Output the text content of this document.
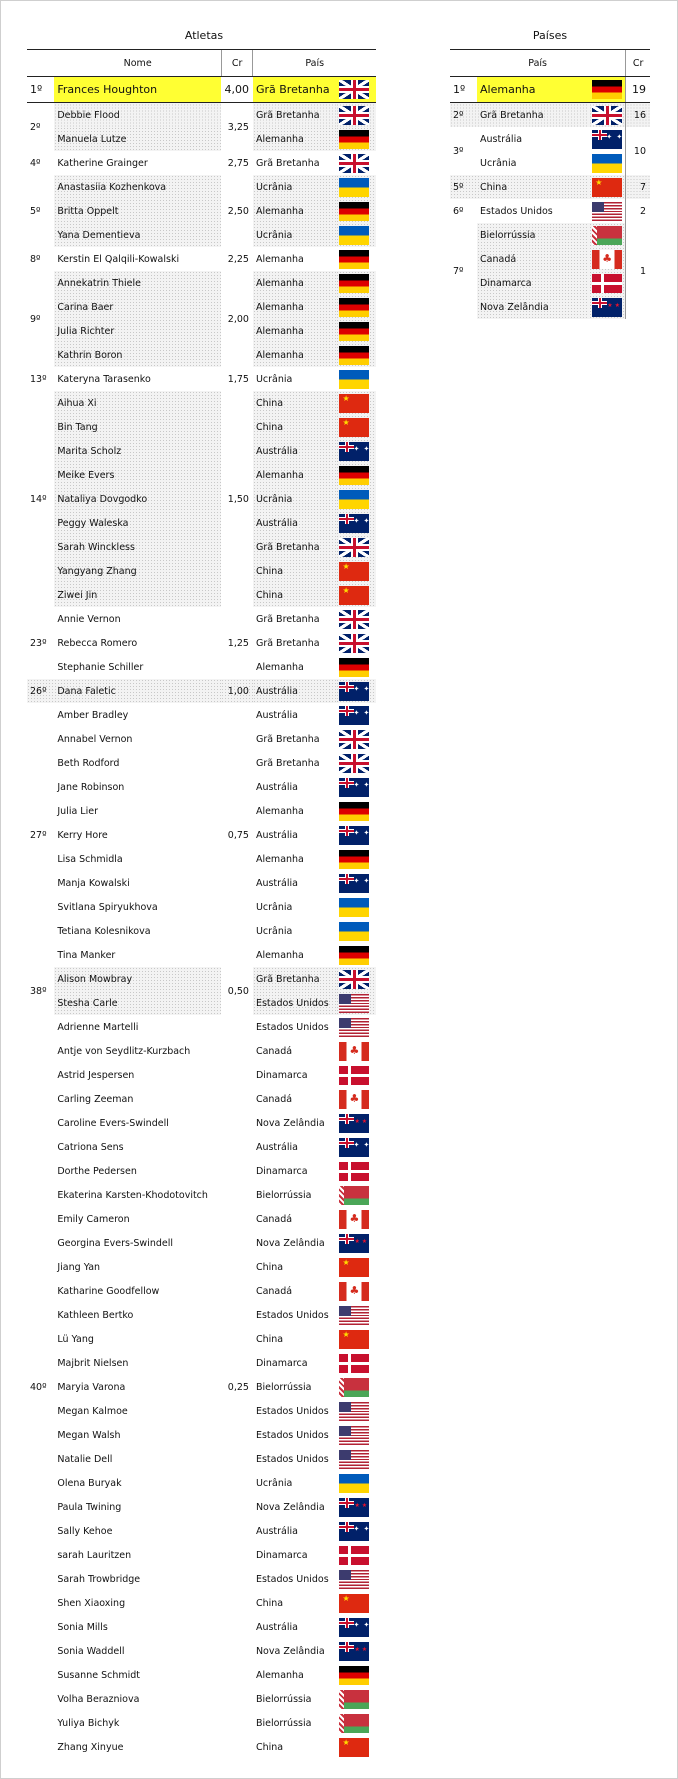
Atletas	Países
	Nome	Cr	País	
1º	Frances Houghton	4,00	Grã Bretanha	
2º	Debbie Flood	3,25	Grã Bretanha	
	Manuela Lutze		Alemanha	
4º	Katherine Grainger	2,75	Grã Bretanha	
5º	Anastasiia Kozhenkova	2,50	Ucrânia	
	Britta Oppelt		Alemanha	
	Yana Dementieva		Ucrânia	
8º	Kerstin El Qalqili-Kowalski	2,25	Alemanha	
9º	Annekatrin Thiele	2,00	Alemanha	
	Carina Baer		Alemanha	
	Julia Richter		Alemanha	
	Kathrin Boron		Alemanha	
13º	Kateryna Tarasenko	1,75	Ucrânia	
14º	Aihua Xi	1,50	China	★
	Bin Tang		China	★
	Marita Scholz		Austrália	✦ ✦
	Meike Evers		Alemanha	
	Nataliya Dovgodko		Ucrânia	
	Peggy Waleska		Austrália	✦ ✦
	Sarah Winckless		Grã Bretanha	
	Yangyang Zhang		China	★
	Ziwei Jin		China	★
23º	Annie Vernon	1,25	Grã Bretanha	
	Rebecca Romero		Grã Bretanha	
	Stephanie Schiller		Alemanha	
26º	Dana Faletic	1,00	Austrália	✦ ✦
27º	Amber Bradley	0,75	Austrália	✦ ✦
	Annabel Vernon		Grã Bretanha	
	Beth Rodford		Grã Bretanha	
	Jane Robinson		Austrália	✦ ✦
	Julia Lier		Alemanha	
	Kerry Hore		Austrália	✦ ✦
	Lisa Schmidla		Alemanha	
	Manja Kowalski		Austrália	✦ ✦
	Svitlana Spiryukhova		Ucrânia	
	Tetiana Kolesnikova		Ucrânia	
	Tina Manker		Alemanha	
38º	Alison Mowbray	0,50	Grã Bretanha	
	Stesha Carle		Estados Unidos	
40º	Adrienne Martelli	0,25	Estados Unidos	
	Antje von Seydlitz-Kurzbach		Canadá	♣
	Astrid Jespersen		Dinamarca	
	Carling Zeeman		Canadá	♣
	Caroline Evers-Swindell		Nova Zelândia	★ ★
	Catriona Sens		Austrália	✦ ✦
	Dorthe Pedersen		Dinamarca	
	Ekaterina Karsten-Khodotovitch		Bielorrússia	
	Emily Cameron		Canadá	♣
	Georgina Evers-Swindell		Nova Zelândia	★ ★
	Jiang Yan		China	★
	Katharine Goodfellow		Canadá	♣
	Kathleen Bertko		Estados Unidos	
	Lü Yang		China	★
	Majbrit Nielsen		Dinamarca	
	Maryia Varona		Bielorrússia	
	Megan Kalmoe		Estados Unidos	
	Megan Walsh		Estados Unidos	
	Natalie Dell		Estados Unidos	
	Olena Buryak		Ucrânia	
	Paula Twining		Nova Zelândia	★ ★
	Sally Kehoe		Austrália	✦ ✦
	sarah Lauritzen		Dinamarca	
	Sarah Trowbridge		Estados Unidos	
	Shen Xiaoxing		China	★
	Sonia Mills		Austrália	✦ ✦
	Sonia Waddell		Nova Zelândia	★ ★
	Susanne Schmidt		Alemanha	
	Volha Berazniova		Bielorrússia	
	Yuliya Bichyk		Bielorrússia	
	Zhang Xinyue		China	★
País			Cr
1º	Alemanha		19
2º	Grã Bretanha		16
3º	Austrália	✦ ✦	10
	Ucrânia		
5º	China	★	7
6º	Estados Unidos		2
7º	Bielorrússia		1
	Canadá	♣
	Dinamarca		
	Nova Zelândia	★ ★
